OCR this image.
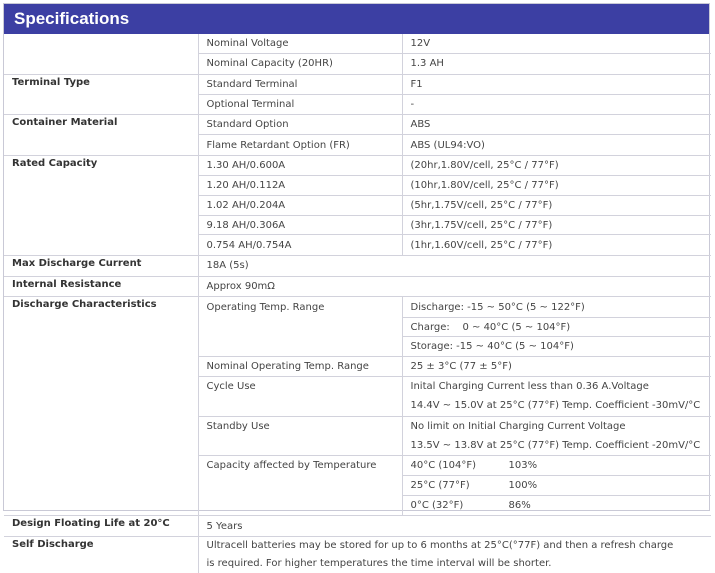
Specifications
	Nominal Voltage	12V
	Nominal Capacity (20HR)	1.3 AH
Terminal Type	Standard Terminal	F1
	Optional Terminal	-
Container Material	Standard Option	ABS
	Flame Retardant Option (FR)	ABS (UL94:VO)
Rated Capacity	1.30 AH/0.600A	(20hr,1.80V/cell, 25°C / 77°F)
	1.20 AH/0.112A	(10hr,1.80V/cell, 25°C / 77°F)
	1.02 AH/0.204A	(5hr,1.75V/cell, 25°C / 77°F)
	9.18 AH/0.306A	(3hr,1.75V/cell, 25°C / 77°F)
	0.754 AH/0.754A	(1hr,1.60V/cell, 25°C / 77°F)
Max Discharge Current	18A (5s)	
Internal Resistance	Approx 90mΩ	
Discharge Characteristics	Operating Temp. Range	Discharge: -15 ~ 50°C (5 ~ 122°F)
		Charge:    0 ~ 40°C (5 ~ 104°F)
		Storage: -15 ~ 40°C (5 ~ 104°F)
	Nominal Operating Temp. Range	25 ± 3°C (77 ± 5°F)
	Cycle Use	Inital Charging Current less than 0.36 A.Voltage
		14.4V ~ 15.0V at 25°C (77°F) Temp. Coefficient -30mV/°C
	Standby Use	No limit on Initial Charging Current Voltage
		13.5V ~ 13.8V at 25°C (77°F) Temp. Coefficient -20mV/°C
	Capacity affected by Temperature	40°C (104°F) 103%
		25°C (77°F) 100%
		0°C (32°F) 86%
Design Floating Life at 20°C	5 Years	
Self Discharge	Ultracell batteries may be stored for up to 6 months at 25°C(°77F) and then a refresh charge is required. For higher temperatures the time interval will be shorter.	
